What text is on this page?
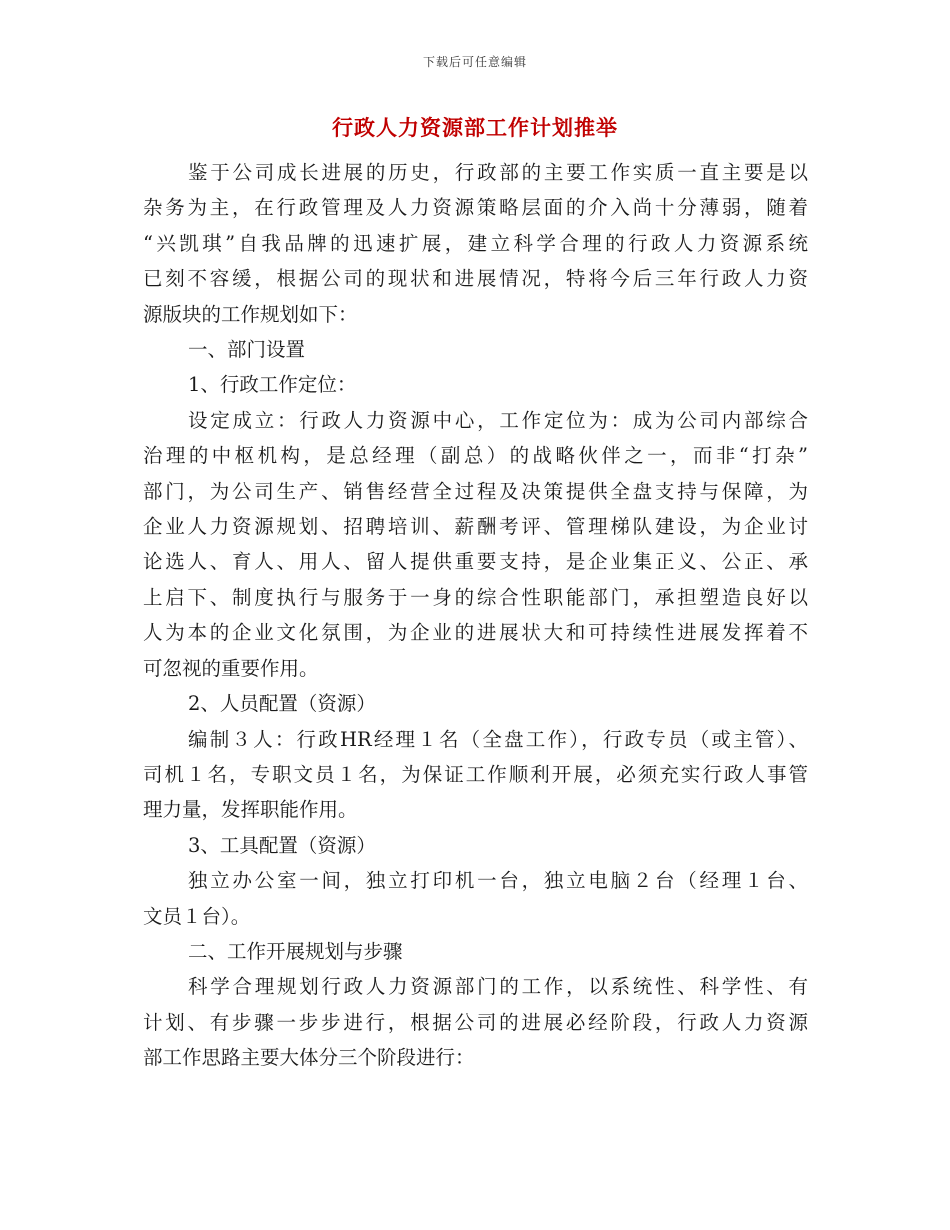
下载后可任意编辑
行政人力资源部工作计划推举
鉴于公司成长进展的历史，行政部的主要工作实质一直主要是以
杂务为主，在行政管理及人力资源策略层面的介入尚十分薄弱，随着
“兴凯琪”自我品牌的迅速扩展，建立科学合理的行政人力资源系统
已刻不容缓，根据公司的现状和进展情况，特将今后三年行政人力资
源版块的工作规划如下：
一、部门设置
1、行政工作定位：
设定成立：行政人力资源中心，工作定位为：成为公司内部综合
治理的中枢机构，是总经理（副总）的战略伙伴之一，而非“打杂”
部门，为公司生产、销售经营全过程及决策提供全盘支持与保障，为
企业人力资源规划、招聘培训、薪酬考评、管理梯队建设，为企业讨
论选人、育人、用人、留人提供重要支持，是企业集正义、公正、承
上启下、制度执行与服务于一身的综合性职能部门，承担塑造良好以
人为本的企业文化氛围，为企业的进展状大和可持续性进展发挥着不
可忽视的重要作用。
2、人员配置（资源）
编制３人：行政HR经理１名（全盘工作），行政专员（或主管）、
司机１名，专职文员１名，为保证工作顺利开展，必须充实行政人事管
理力量，发挥职能作用。
3、工具配置（资源）
独立办公室一间，独立打印机一台，独立电脑２台（经理１台、
文员１台）。
二、工作开展规划与步骤
科学合理规划行政人力资源部门的工作，以系统性、科学性、有
计划、有步骤一步步进行，根据公司的进展必经阶段，行政人力资源
部工作思路主要大体分三个阶段进行：
